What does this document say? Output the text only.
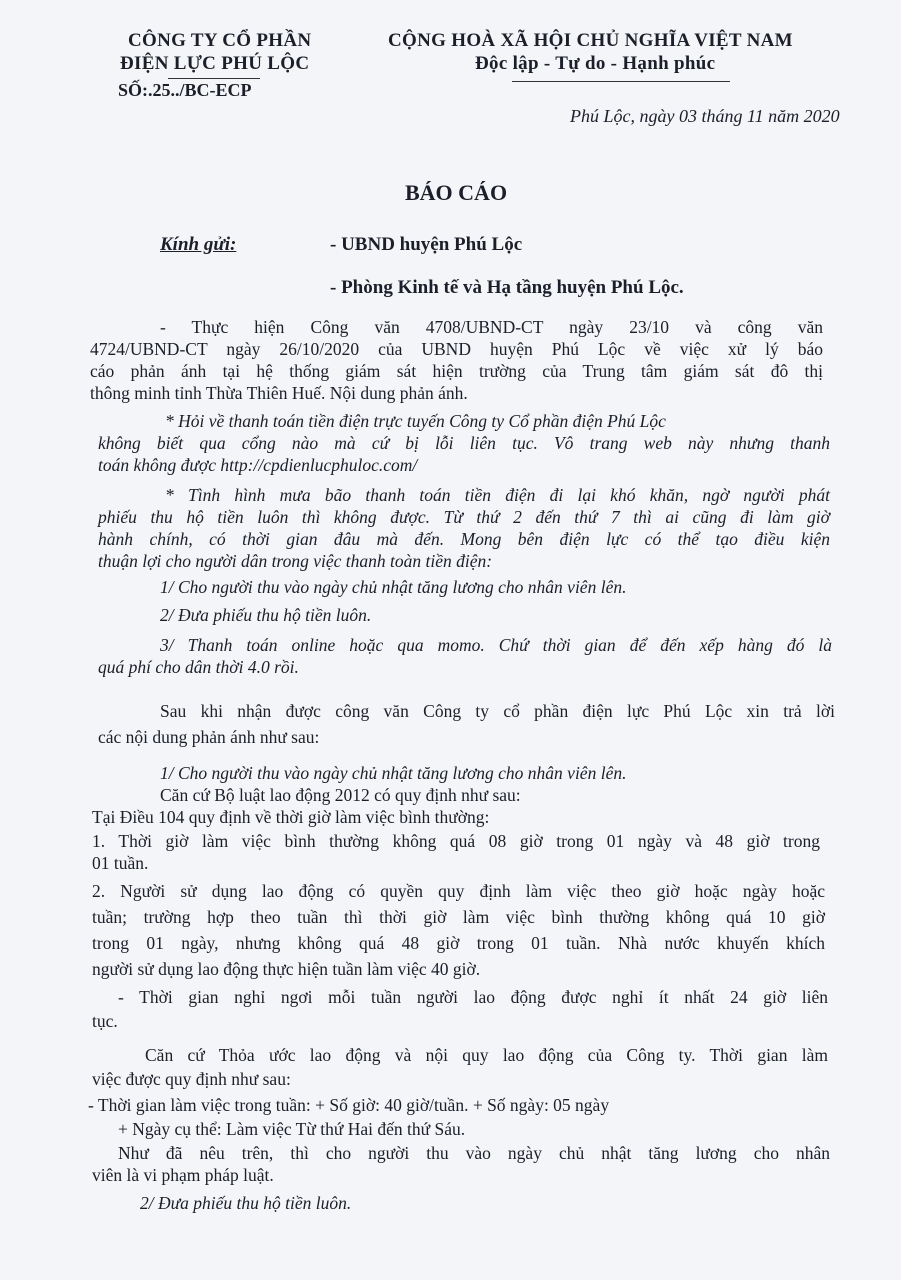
CÔNG TY CỔ PHẦN
ĐIỆN LỰC PHÚ LỘC
SỐ:.25../BC-ECP
CỘNG HOÀ XÃ HỘI CHỦ NGHĨA VIỆT NAM
Độc lập - Tự do - Hạnh phúc
Phú Lộc, ngày 03 tháng 11 năm 2020
BÁO CÁO
Kính gửi:	- UBND huyện Phú Lộc
- Phòng Kinh tế và Hạ tầng huyện Phú Lộc.
- Thực hiện Công văn 4708/UBND-CT ngày 23/10 và công văn
4724/UBND-CT ngày 26/10/2020 của UBND huyện Phú Lộc về việc xử lý báo
cáo phản ánh tại hệ thống giám sát hiện trường của Trung tâm giám sát đô thị
thông minh tỉnh Thừa Thiên Huế. Nội dung phản ánh.
* Hỏi về thanh toán tiền điện trực tuyến Công ty Cổ phần điện Phú Lộc
không biết qua cổng nào mà cứ bị lỗi liên tục. Vô trang web này nhưng thanh
toán không được http://cpdienlucphuloc.com/
* Tình hình mưa bão thanh toán tiền điện đi lại khó khăn, ngờ người phát
phiếu thu hộ tiền luôn thì không được. Từ thứ 2 đến thứ 7 thì ai cũng đi làm giờ
hành chính, có thời gian đâu mà đến. Mong bên điện lực có thể tạo điều kiện
thuận lợi cho người dân trong việc thanh toàn tiền điện:
1/ Cho người thu vào ngày chủ nhật tăng lương cho nhân viên lên.
2/ Đưa phiếu thu hộ tiền luôn.
3/ Thanh toán online hoặc qua momo. Chứ thời gian để đến xếp hàng đó là
quá phí cho dân thời 4.0 rồi.
Sau khi nhận được công văn Công ty cổ phần điện lực Phú Lộc xin trả lời
các nội dung phản ánh như sau:
1/ Cho người thu vào ngày chủ nhật tăng lương cho nhân viên lên.
Căn cứ Bộ luật lao động 2012 có quy định như sau:
Tại Điều 104 quy định về thời giờ làm việc bình thường:
1. Thời giờ làm việc bình thường không quá 08 giờ trong 01 ngày và 48 giờ trong
01 tuần.
2. Người sử dụng lao động có quyền quy định làm việc theo giờ hoặc ngày hoặc
tuần; trường hợp theo tuần thì thời giờ làm việc bình thường không quá 10 giờ
trong 01 ngày, nhưng không quá 48 giờ trong 01 tuần. Nhà nước khuyến khích
người sử dụng lao động thực hiện tuần làm việc 40 giờ.
- Thời gian nghỉ ngơi mỗi tuần người lao động được nghỉ ít nhất 24 giờ liên
tục.
Căn cứ Thỏa ước lao động và nội quy lao động của Công ty. Thời gian làm
việc được quy định như sau:
- Thời gian làm việc trong tuần: + Số giờ: 40 giờ/tuần. + Số ngày: 05 ngày
+ Ngày cụ thể: Làm việc Từ thứ Hai đến thứ Sáu.
Như đã nêu trên, thì cho người thu vào ngày chủ nhật tăng lương cho nhân
viên là vi phạm pháp luật.
2/ Đưa phiếu thu hộ tiền luôn.
